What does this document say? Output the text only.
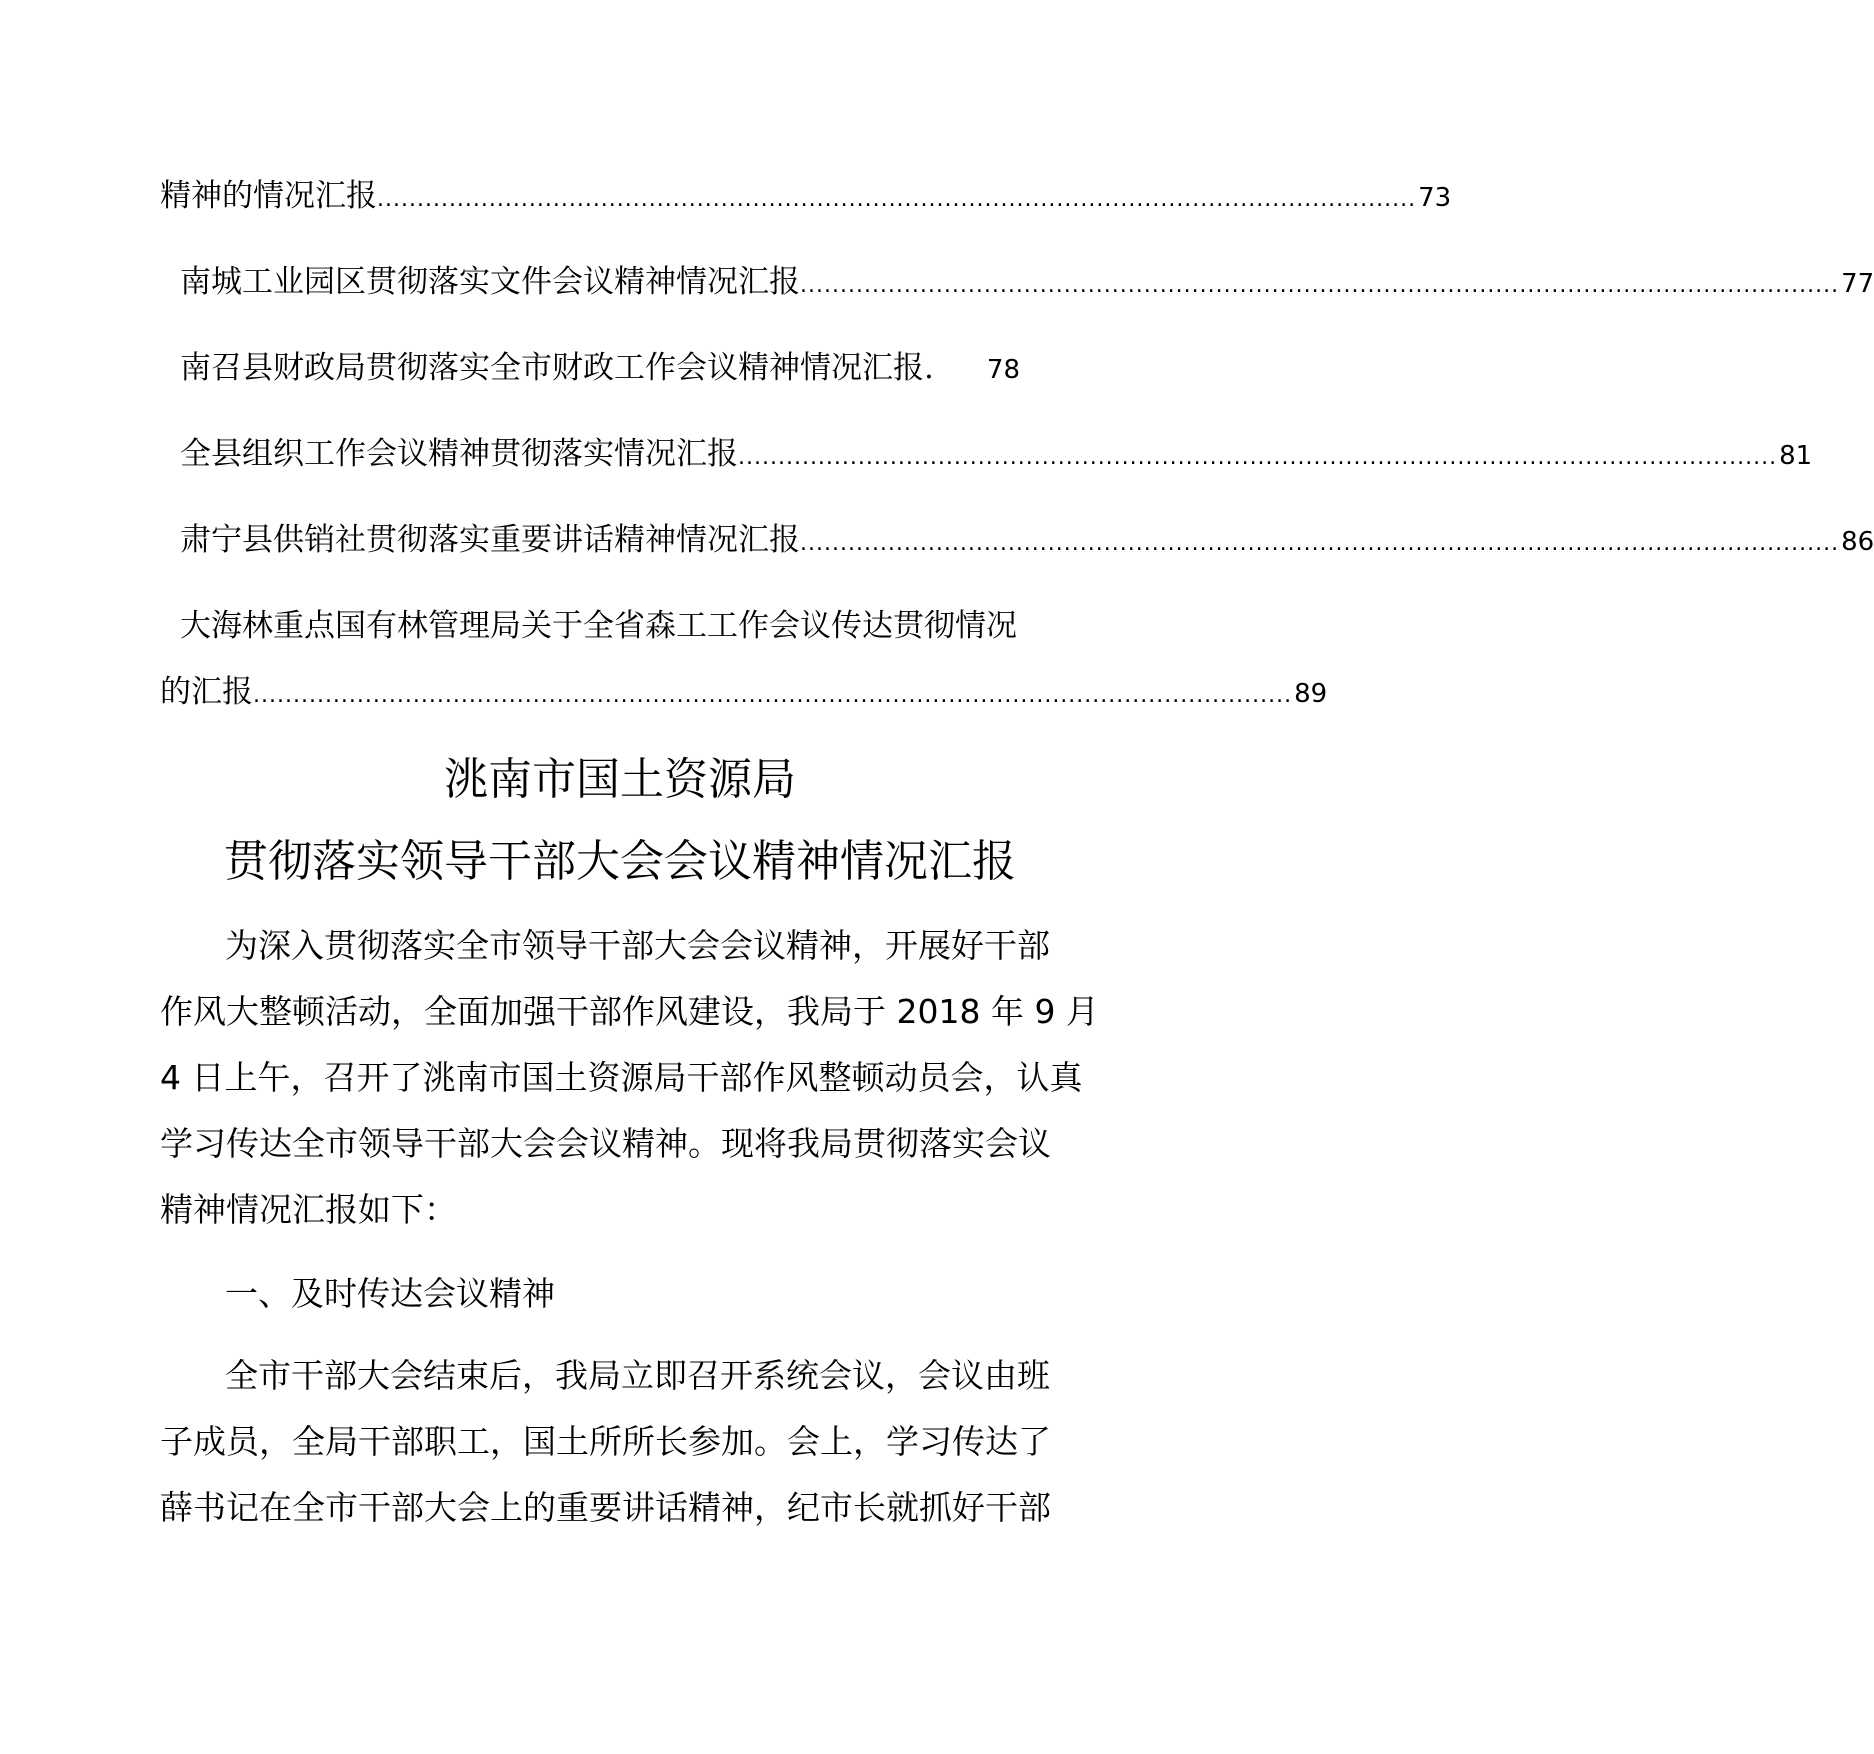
精神的情况汇报 .................................................................................................................................. 73
南城工业园区贯彻落实文件会议精神情况汇报 .................................................................................................................................. 77
南召县财政局贯彻落实全市财政工作会议精神情况汇报. 78
全县组织工作会议精神贯彻落实情况汇报 .................................................................................................................................. 81
肃宁县供销社贯彻落实重要讲话精神情况汇报 .................................................................................................................................. 86
大海林重点国有林管理局关于全省森工工作会议传达贯彻情况
的汇报 .................................................................................................................................. 89
洮南市国土资源局
贯彻落实领导干部大会会议精神情况汇报
为深入贯彻落实全市领导干部大会会议精神，开展好干部
作风大整顿活动，全面加强干部作风建设，我局于 2018 年 9 月
4 日上午，召开了洮南市国土资源局干部作风整顿动员会，认真
学习传达全市领导干部大会会议精神。现将我局贯彻落实会议
精神情况汇报如下：
一、及时传达会议精神
全市干部大会结束后，我局立即召开系统会议，会议由班
子成员，全局干部职工，国土所所长参加。会上，学习传达了
薛书记在全市干部大会上的重要讲话精神，纪市长就抓好干部
